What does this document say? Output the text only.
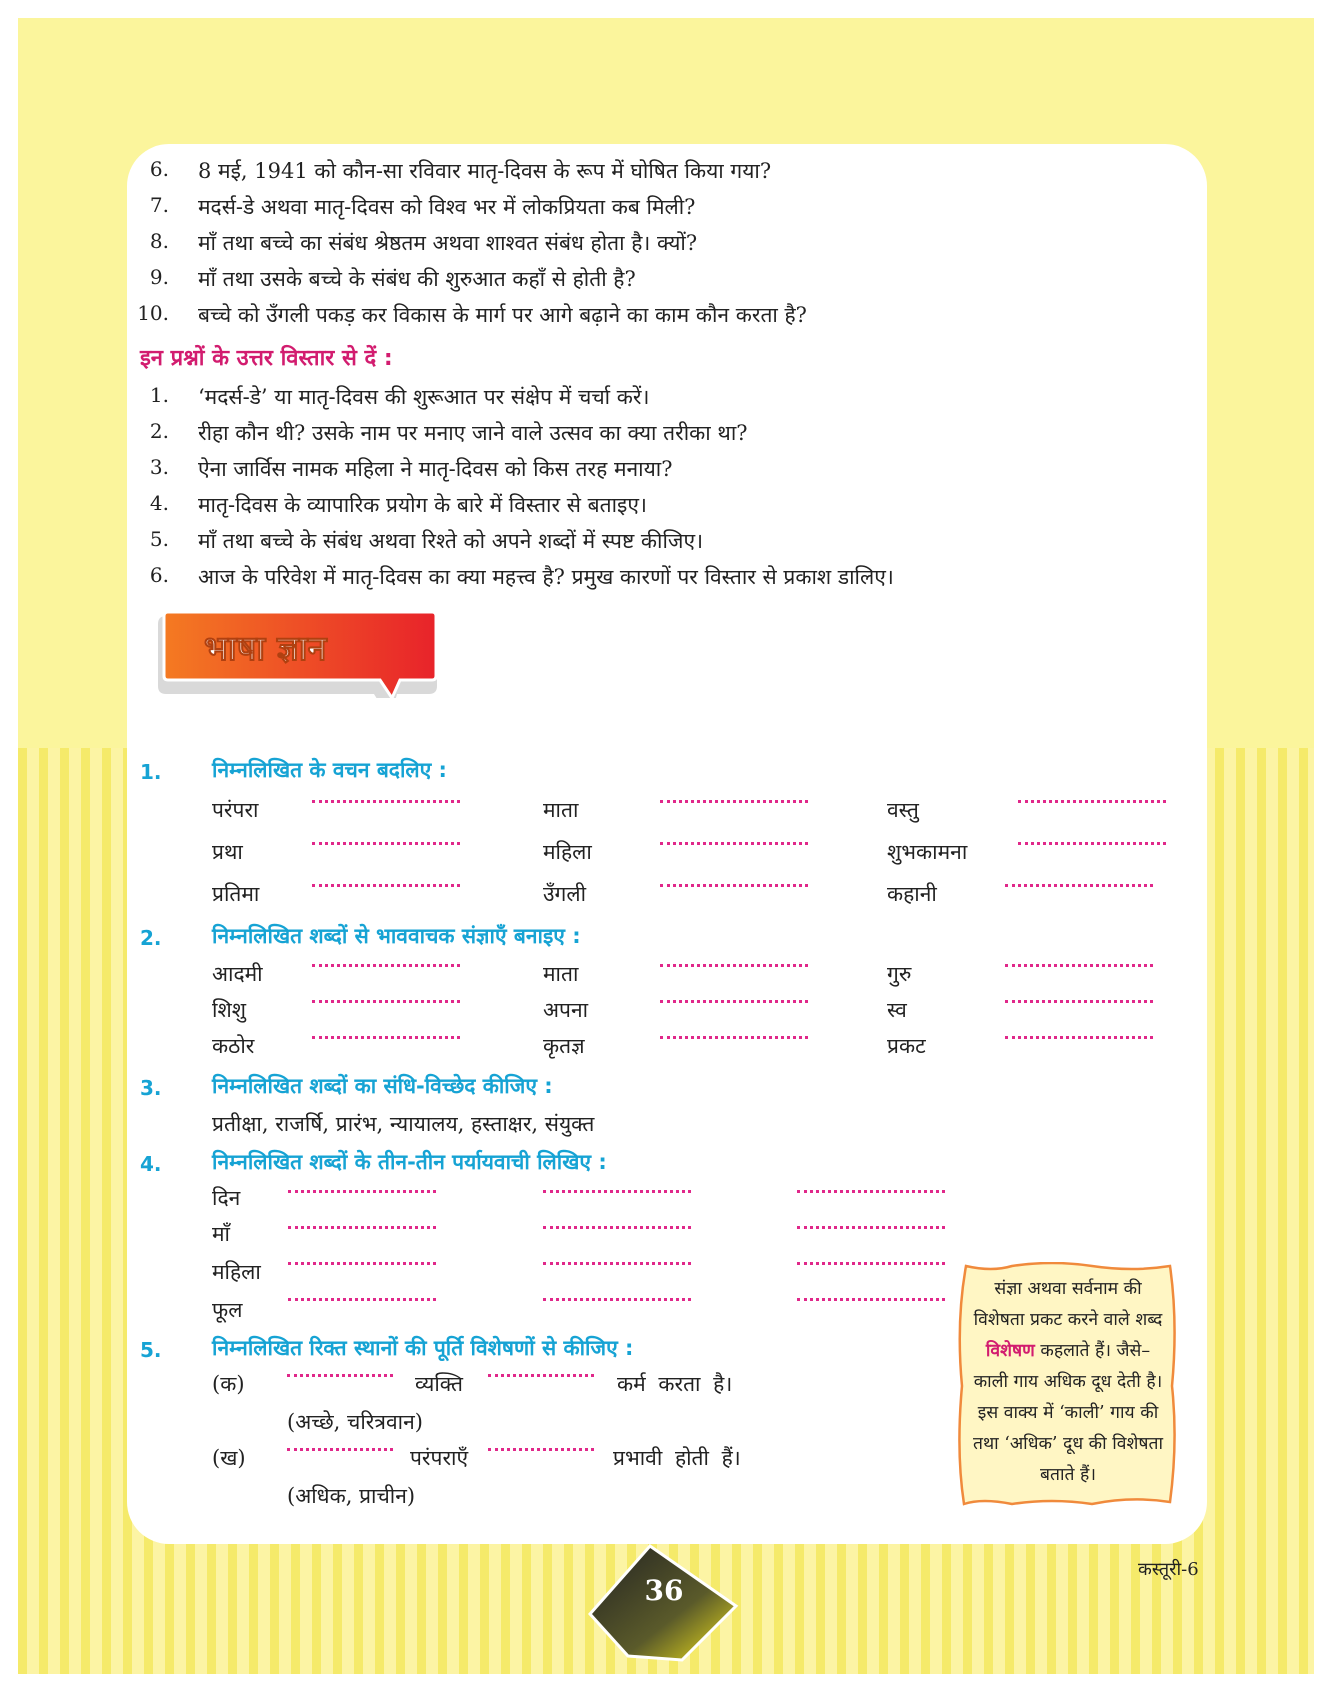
6. 8 मई, 1941 को कौन-सा रविवार मातृ-दिवस के रूप में घोषित किया गया?
7. मदर्स-डे अथवा मातृ-दिवस को विश्व भर में लोकप्रियता कब मिली?
8. माँ तथा बच्चे का संबंध श्रेष्ठतम अथवा शाश्वत संबंध होता है। क्यों?
9. माँ तथा उसके बच्चे के संबंध की शुरुआत कहाँ से होती है?
10. बच्चे को उँगली पकड़ कर विकास के मार्ग पर आगे बढ़ाने का काम कौन करता है?
इन प्रश्नों के उत्तर विस्तार से दें :
1. ‘मदर्स-डे’ या मातृ-दिवस की शुरूआत पर संक्षेप में चर्चा करें।
2. रीहा कौन थी? उसके नाम पर मनाए जाने वाले उत्सव का क्या तरीका था?
3. ऐना जार्विस नामक महिला ने मातृ-दिवस को किस तरह मनाया?
4. मातृ-दिवस के व्यापारिक प्रयोग के बारे में विस्तार से बताइए।
5. माँ तथा बच्चे के संबंध अथवा रिश्ते को अपने शब्दों में स्पष्ट कीजिए।
6. आज के परिवेश में मातृ-दिवस का क्या महत्त्व है? प्रमुख कारणों पर विस्तार से प्रकाश डालिए।
भाषा ज्ञान
1. निम्नलिखित के वचन बदलिए :
परंपरा	माता	वस्तु
प्रथा	महिला	शुभकामना
प्रतिमा	उँगली	कहानी
2. निम्नलिखित शब्दों से भाववाचक संज्ञाएँ बनाइए :
आदमी	माता	गुरु
शिशु	अपना	स्व
कठोर	कृतज्ञ	प्रकट
3. निम्नलिखित शब्दों का संधि-विच्छेद कीजिए :
प्रतीक्षा, राजर्षि, प्रारंभ, न्यायालय, हस्ताक्षर, संयुक्त
4. निम्नलिखित शब्दों के तीन-तीन पर्यायवाची लिखिए :
दिन
माँ
महिला
फूल
5. निम्नलिखित रिक्त स्थानों की पूर्ति विशेषणों से कीजिए :
(क)	व्यक्ति	कर्म करता है।
(अच्छे, चरित्रवान)
(ख)	परंपराएँ	प्रभावी होती हैं।
(अधिक, प्राचीन)
संज्ञा अथवा सर्वनाम की विशेषता प्रकट करने वाले शब्द विशेषण कहलाते हैं। जैसे– काली गाय अधिक दूध देती है। इस वाक्य में ‘काली’ गाय की तथा ‘अधिक’ दूध की विशेषता बताते हैं।
36
कस्तूरी-6
